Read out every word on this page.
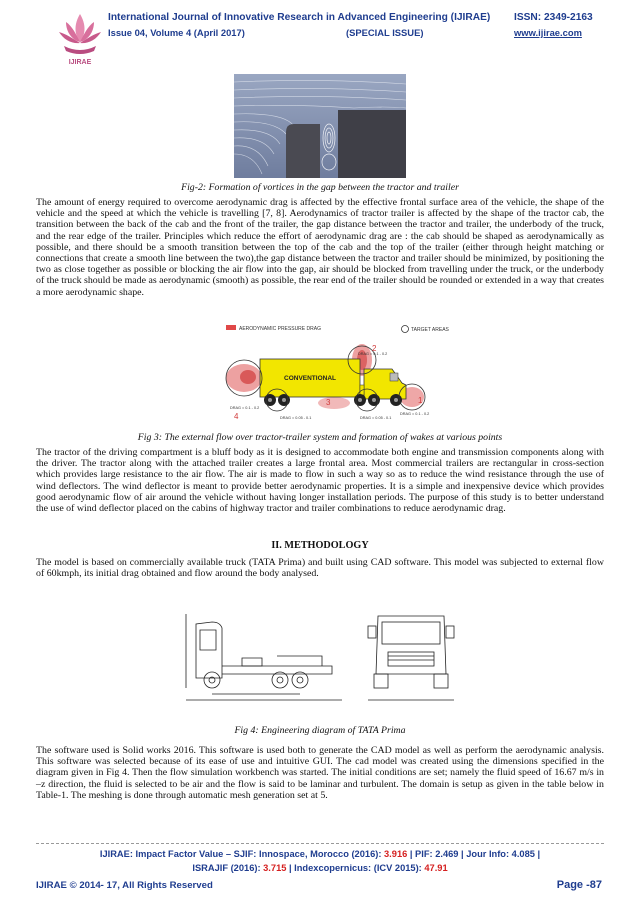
IJIRAE
International Journal of Innovative Research in Advanced Engineering (IJIRAE) ISSN: 2349-2163
Issue 04, Volume 4 (April 2017)	(SPECIAL ISSUE)	www.ijirae.com
Fig-2: Formation of vortices in the gap between the tractor and trailer
The amount of energy required to overcome aerodynamic drag is affected by the effective frontal surface area of the vehicle, the shape of the vehicle and the speed at which the vehicle is travelling [7, 8]. Aerodynamics of tractor trailer is affected by the shape of the tractor cab, the transition between the back of the cab and the front of the trailer, the gap distance between the tractor and trailer, the underbody of the truck, and the rear edge of the trailer. Principles which reduce the effort of aerodynamic drag are : the cab should be shaped as aerodynamically as possible, and there should be a smooth transition between the top of the cab and the top of the trailer (either through height matching or connections that create a smooth line between the two),the gap distance between the tractor and trailer should be minimized, by positioning the two as close together as possible or blocking the air flow into the gap, air should be blocked from travelling under the truck, or the underbody of the truck should be made as aerodynamic (smooth) as possible, the rear end of the trailer should be rounded or extended in a way that creates a more aerodynamic shape.
AERODYNAMIC PRESSURE DRAG	TARGET AREAS
CONVENTIONAL
2
DRAG = 0.1 - 0.2
1
DRAG = 0.1 - 0.2
3
4
DRAG = 0.1 - 0.2
DRAG = 0.05 - 0.1	DRAG = 0.05 - 0.1
Fig 3: The external flow over tractor-trailer system and formation of wakes at various points
The tractor of the driving compartment is a bluff body as it is designed to accommodate both engine and transmission components along with the driver. The tractor along with the attached trailer creates a large frontal area. Most commercial trailers are rectangular in cross-section which provides large resistance to the air flow. The air is made to flow in such a way so as to reduce the wind resistance through the use of wind deflectors. The wind deflector is meant to provide better aerodynamic properties. It is a simple and inexpensive device which provides good aerodynamic flow of air around the vehicle without having longer installation periods. The purpose of this study is to better understand the use of wind deflector placed on the cabins of highway tractor and trailer combinations to reduce aerodynamic drag.
II. METHODOLOGY
The model is based on commercially available truck (TATA Prima) and built using CAD software. This model was subjected to external flow of 60kmph, its initial drag obtained and flow around the body analysed.
Fig 4: Engineering diagram of TATA Prima
The software used is Solid works 2016. This software is used both to generate the CAD model as well as perform the aerodynamic analysis. This software was selected because of its ease of use and intuitive GUI. The cad model was created using the dimensions specified in the diagram given in Fig 4. Then the flow simulation workbench was started. The initial conditions are set; namely the fluid speed of 16.67 m/s in –z direction, the fluid is selected to be air and the flow is said to be laminar and turbulent. The domain is setup as given in the table below in Table-1. The meshing is done through automatic mesh generation set at 5.
IJIRAE: Impact Factor Value – SJIF: Innospace, Morocco (2016): 3.916 | PIF: 2.469 | Jour Info: 4.085 |
ISRAJIF (2016): 3.715 | Indexcopernicus: (ICV 2015): 47.91
IJIRAE © 2014- 17, All Rights Reserved	Page -87
